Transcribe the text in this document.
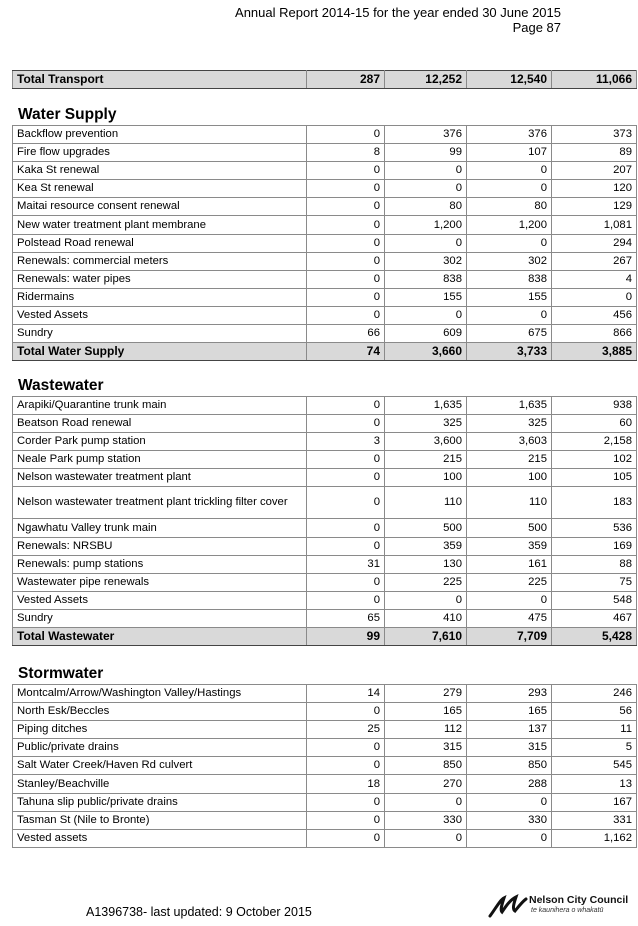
Annual Report 2014-15 for the year ended 30 June 2015
Page 87
Total Transport	287	12,252	12,540	11,066
Water Supply
Backflow prevention	0	376	376	373
Fire flow upgrades	8	99	107	89
Kaka St renewal	0	0	0	207
Kea St renewal	0	0	0	120
Maitai resource consent renewal	0	80	80	129
New water treatment plant membrane	0	1,200	1,200	1,081
Polstead Road renewal	0	0	0	294
Renewals: commercial meters	0	302	302	267
Renewals: water pipes	0	838	838	4
Ridermains	0	155	155	0
Vested Assets	0	0	0	456
Sundry	66	609	675	866
Total Water Supply	74	3,660	3,733	3,885
Wastewater
Arapiki/Quarantine trunk main	0	1,635	1,635	938
Beatson Road renewal	0	325	325	60
Corder Park pump station	3	3,600	3,603	2,158
Neale Park pump station	0	215	215	102
Nelson wastewater treatment plant	0	100	100	105
Nelson wastewater treatment plant trickling filter cover	0	110	110	183
Ngawhatu Valley trunk main	0	500	500	536
Renewals: NRSBU	0	359	359	169
Renewals: pump stations	31	130	161	88
Wastewater pipe renewals	0	225	225	75
Vested Assets	0	0	0	548
Sundry	65	410	475	467
Total Wastewater	99	7,610	7,709	5,428
Stormwater
Montcalm/Arrow/Washington Valley/Hastings	14	279	293	246
North Esk/Beccles	0	165	165	56
Piping ditches	25	112	137	11
Public/private drains	0	315	315	5
Salt Water Creek/Haven Rd culvert	0	850	850	545
Stanley/Beachville	18	270	288	13
Tahuna slip public/private drains	0	0	0	167
Tasman St (Nile to Bronte)	0	330	330	331
Vested assets	0	0	0	1,162
A1396738- last updated: 9 October 2015
Nelson City Council
te kaunihera o whakatū
